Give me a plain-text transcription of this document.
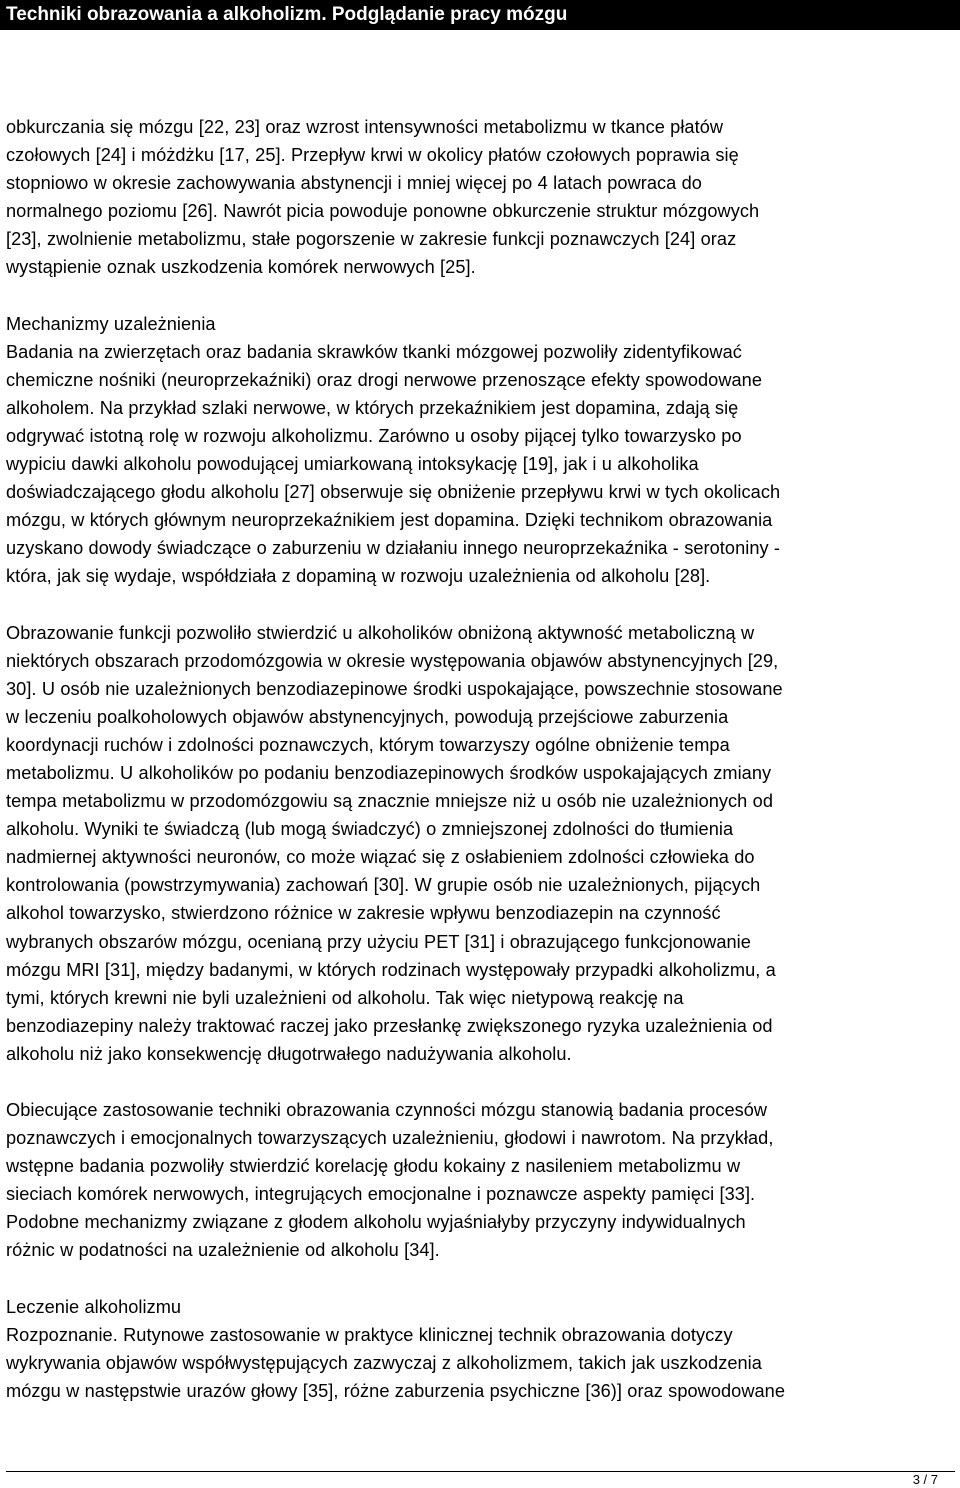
Techniki obrazowania a alkoholizm. Podglądanie pracy mózgu

obkurczania się mózgu [22, 23] oraz wzrost intensywności metabolizmu w tkance płatów

czołowych [24] i móżdżku [17, 25]. Przepływ krwi w okolicy płatów czołowych poprawia się

stopniowo w okresie zachowywania abstynencji i mniej więcej po 4 latach powraca do

normalnego poziomu [26]. Nawrót picia powoduje ponowne obkurczenie struktur mózgowych

[23], zwolnienie metabolizmu, stałe pogorszenie w zakresie funkcji poznawczych [24] oraz

wystąpienie oznak uszkodzenia komórek nerwowych [25].

Mechanizmy uzależnienia

Badania na zwierzętach oraz badania skrawków tkanki mózgowej pozwoliły zidentyfikować

chemiczne nośniki (neuroprzekaźniki) oraz drogi nerwowe przenoszące efekty spowodowane

alkoholem. Na przykład szlaki nerwowe, w których przekaźnikiem jest dopamina, zdają się

odgrywać istotną rolę w rozwoju alkoholizmu. Zarówno u osoby pijącej tylko towarzysko po

wypiciu dawki alkoholu powodującej umiarkowaną intoksykację [19], jak i u alkoholika

doświadczającego głodu alkoholu [27] obserwuje się obniżenie przepływu krwi w tych okolicach

mózgu, w których głównym neuroprzekaźnikiem jest dopamina. Dzięki technikom obrazowania

uzyskano dowody świadczące o zaburzeniu w działaniu innego neuroprzekaźnika - serotoniny -

która, jak się wydaje, współdziała z dopaminą w rozwoju uzależnienia od alkoholu [28].

Obrazowanie funkcji pozwoliło stwierdzić u alkoholików obniżoną aktywność metaboliczną w

niektórych obszarach przodomózgowia w okresie występowania objawów abstynencyjnych [29,

30]. U osób nie uzależnionych benzodiazepinowe środki uspokajające, powszechnie stosowane

w leczeniu poalkoholowych objawów abstynencyjnych, powodują przejściowe zaburzenia

koordynacji ruchów i zdolności poznawczych, którym towarzyszy ogólne obniżenie tempa

metabolizmu. U alkoholików po podaniu benzodiazepinowych środków uspokajających zmiany

tempa metabolizmu w przodomózgowiu są znacznie mniejsze niż u osób nie uzależnionych od

alkoholu. Wyniki te świadczą (lub mogą świadczyć) o zmniejszonej zdolności do tłumienia

nadmiernej aktywności neuronów, co może wiązać się z osłabieniem zdolności człowieka do

kontrolowania (powstrzymywania) zachowań [30]. W grupie osób nie uzależnionych, pijących

alkohol towarzysko, stwierdzono różnice w zakresie wpływu benzodiazepin na czynność

wybranych obszarów mózgu, ocenianą przy użyciu PET [31] i obrazującego funkcjonowanie

mózgu MRI [31], między badanymi, w których rodzinach występowały przypadki alkoholizmu, a

tymi, których krewni nie byli uzależnieni od alkoholu. Tak więc nietypową reakcję na

benzodiazepiny należy traktować raczej jako przesłankę zwiększonego ryzyka uzależnienia od

alkoholu niż jako konsekwencję długotrwałego nadużywania alkoholu.

Obiecujące zastosowanie techniki obrazowania czynności mózgu stanowią badania procesów

poznawczych i emocjonalnych towarzyszących uzależnieniu, głodowi i nawrotom. Na przykład,

wstępne badania pozwoliły stwierdzić korelację głodu kokainy z nasileniem metabolizmu w

sieciach komórek nerwowych, integrujących emocjonalne i poznawcze aspekty pamięci [33].

Podobne mechanizmy związane z głodem alkoholu wyjaśniałyby przyczyny indywidualnych

różnic w podatności na uzależnienie od alkoholu [34].

Leczenie alkoholizmu

Rozpoznanie. Rutynowe zastosowanie w praktyce klinicznej technik obrazowania dotyczy

wykrywania objawów współwystępujących zazwyczaj z alkoholizmem, takich jak uszkodzenia

mózgu w następstwie urazów głowy [35], różne zaburzenia psychiczne [36)] oraz spowodowane

3 / 7
